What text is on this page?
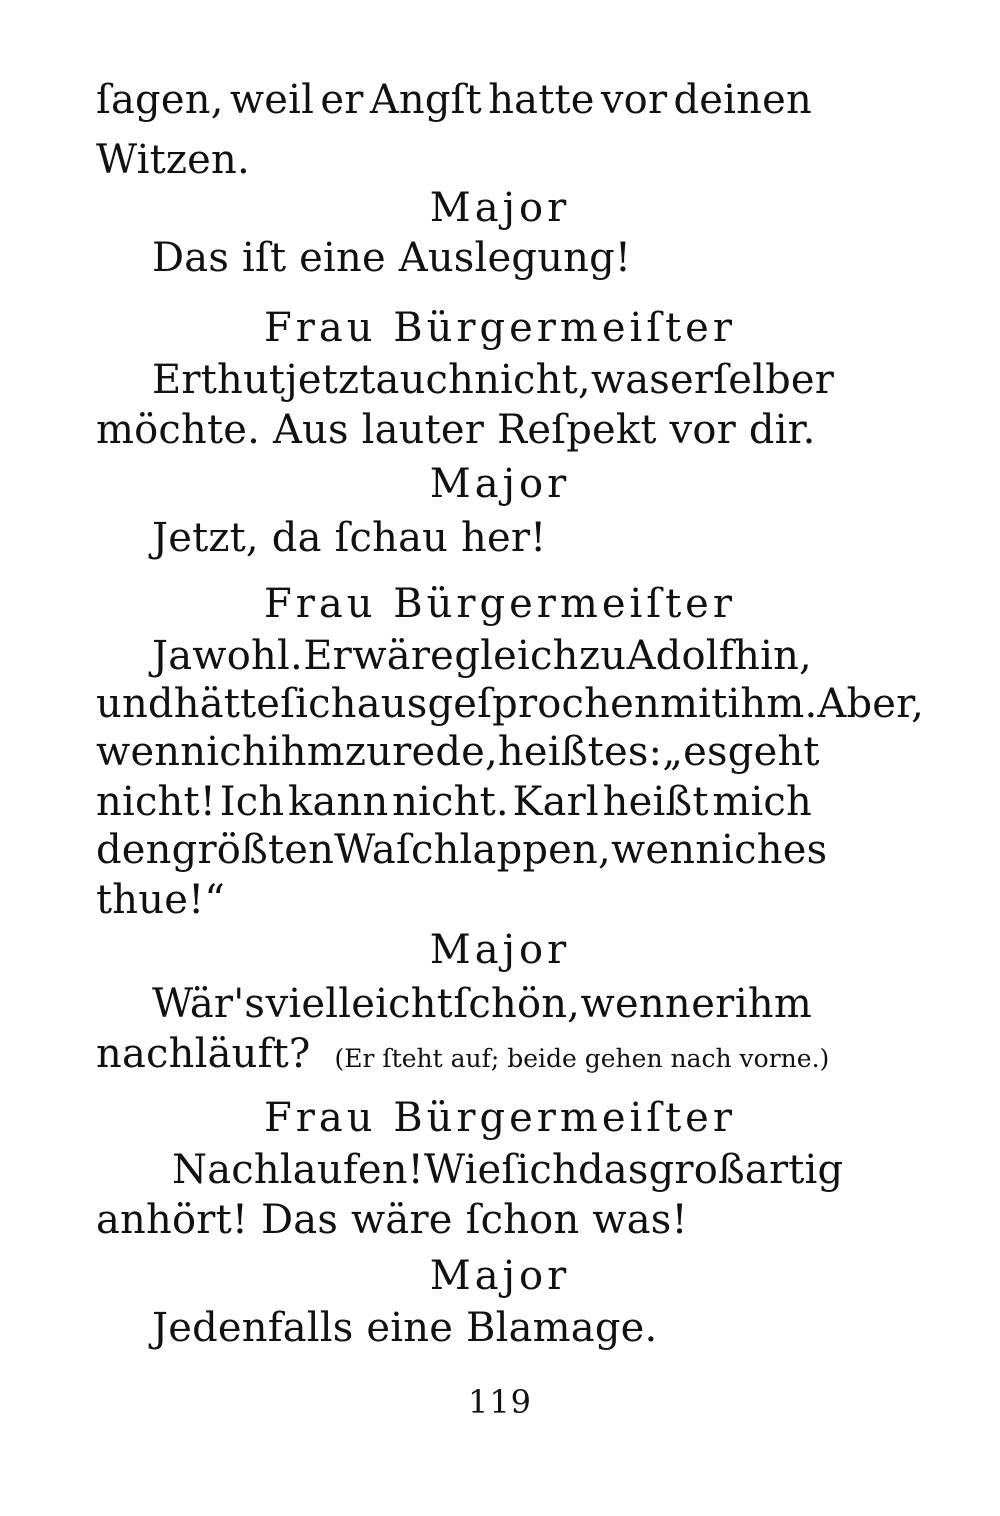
ſagen, weil er Angſt hatte vor deinen
Witzen.
Major
Das iſt eine Auslegung!
Frau Bürgermeiſter
Er thut jetzt auch nicht, was er ſelber
möchte. Aus lauter Reſpekt vor dir.
Major
Jetzt, da ſchau her!
Frau Bürgermeiſter
Jawohl. Er wäre gleich zu Adolf hin,
und hätte ſich ausgeſprochen mit ihm. Aber,
wenn ich ihm zurede, heißt es: „es geht
nicht! Ich kann nicht. Karl heißt mich
den größten Waſchlappen, wenn ich es
thue!“
Major
Wär's vielleicht ſchön, wenn er ihm
nachläuft? (Er ſteht auf; beide gehen nach vorne.)
Frau Bürgermeiſter
Nachlaufen! Wie ſich das großartig
anhört! Das wäre ſchon was!
Major
Jedenfalls eine Blamage.
119
